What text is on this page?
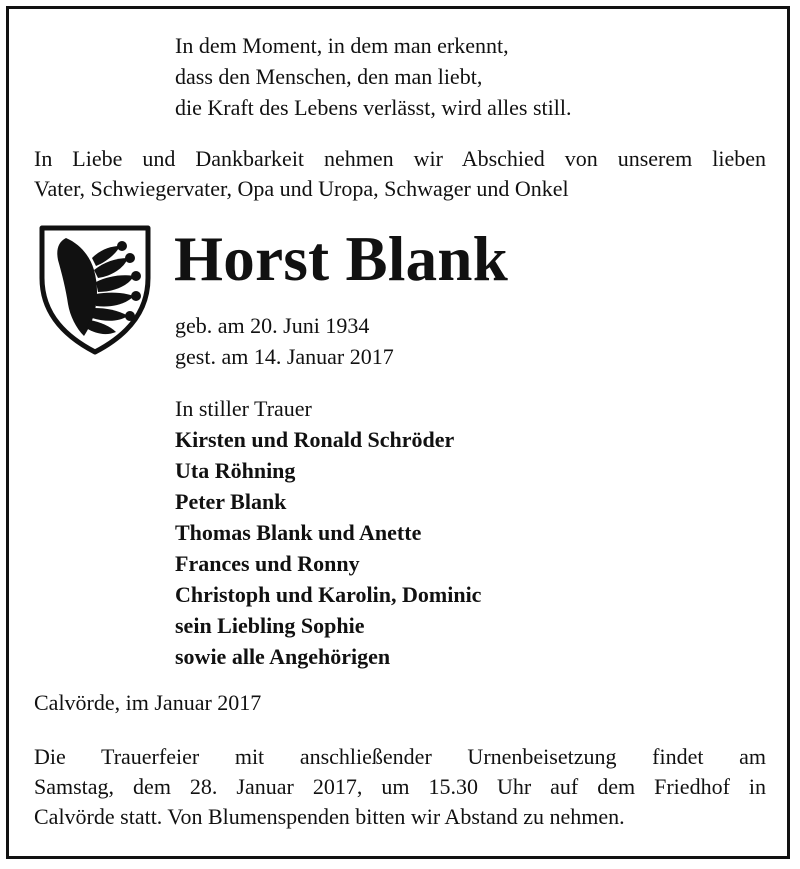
In dem Moment, in dem man erkennt,
dass den Menschen, den man liebt,
die Kraft des Lebens verlässt, wird alles still.
In Liebe und Dankbarkeit nehmen wir Abschied von unserem lieben
Vater, Schwiegervater, Opa und Uropa, Schwager und Onkel
Horst Blank
geb. am 20. Juni 1934
gest. am 14. Januar 2017
In stiller Trauer
Kirsten und Ronald Schröder
Uta Röhning
Peter Blank
Thomas Blank und Anette
Frances und Ronny
Christoph und Karolin, Dominic
sein Liebling Sophie
sowie alle Angehörigen
Calvörde, im Januar 2017
Die Trauerfeier mit anschließender Urnenbeisetzung findet am
Samstag, dem 28. Januar 2017, um 15.30 Uhr auf dem Friedhof in
Calvörde statt. Von Blumenspenden bitten wir Abstand zu nehmen.
